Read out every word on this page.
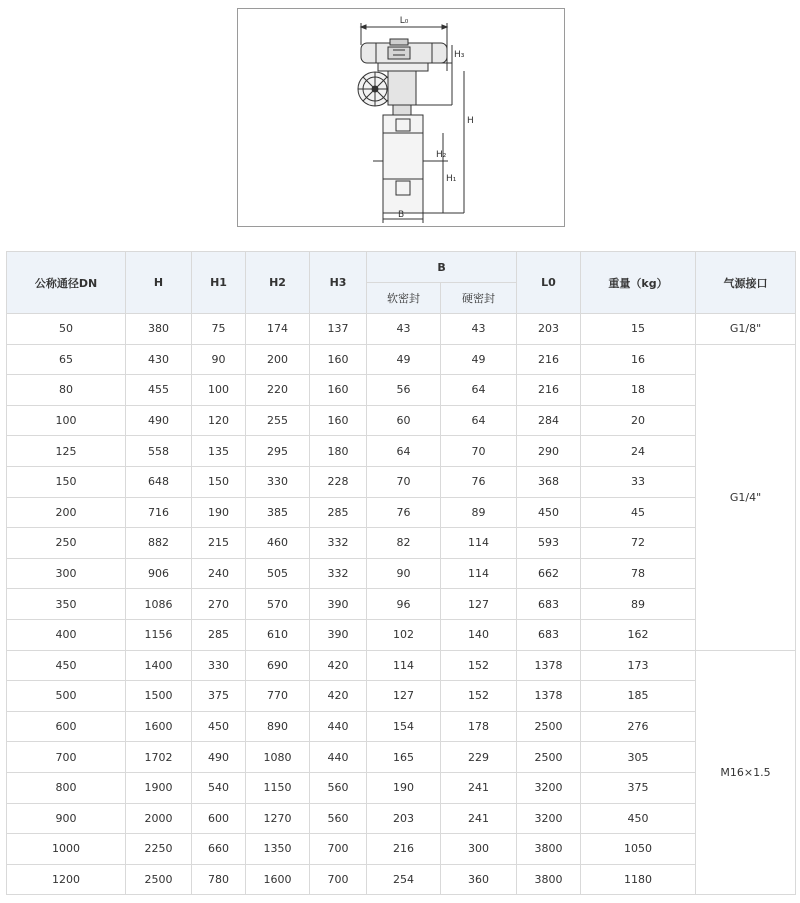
L₀
H₃
H
H₂
H₁
B
公称通径DN	H	H1	H2	H3	B		L0	重量（kg）	气源接口
					软密封	硬密封			
50	380	75	174	137	43	43	203	15	G1/8"
65	430	90	200	160	49	49	216	16	G1/4"
80	455	100	220	160	56	64	216	18	
100	490	120	255	160	60	64	284	20	
125	558	135	295	180	64	70	290	24	
150	648	150	330	228	70	76	368	33	
200	716	190	385	285	76	89	450	45	
250	882	215	460	332	82	114	593	72	
300	906	240	505	332	90	114	662	78	
350	1086	270	570	390	96	127	683	89	
400	1156	285	610	390	102	140	683	162	
450	1400	330	690	420	114	152	1378	173	M16×1.5
500	1500	375	770	420	127	152	1378	185	
600	1600	450	890	440	154	178	2500	276	
700	1702	490	1080	440	165	229	2500	305	
800	1900	540	1150	560	190	241	3200	375	
900	2000	600	1270	560	203	241	3200	450	
1000	2250	660	1350	700	216	300	3800	1050	
1200	2500	780	1600	700	254	360	3800	1180	
